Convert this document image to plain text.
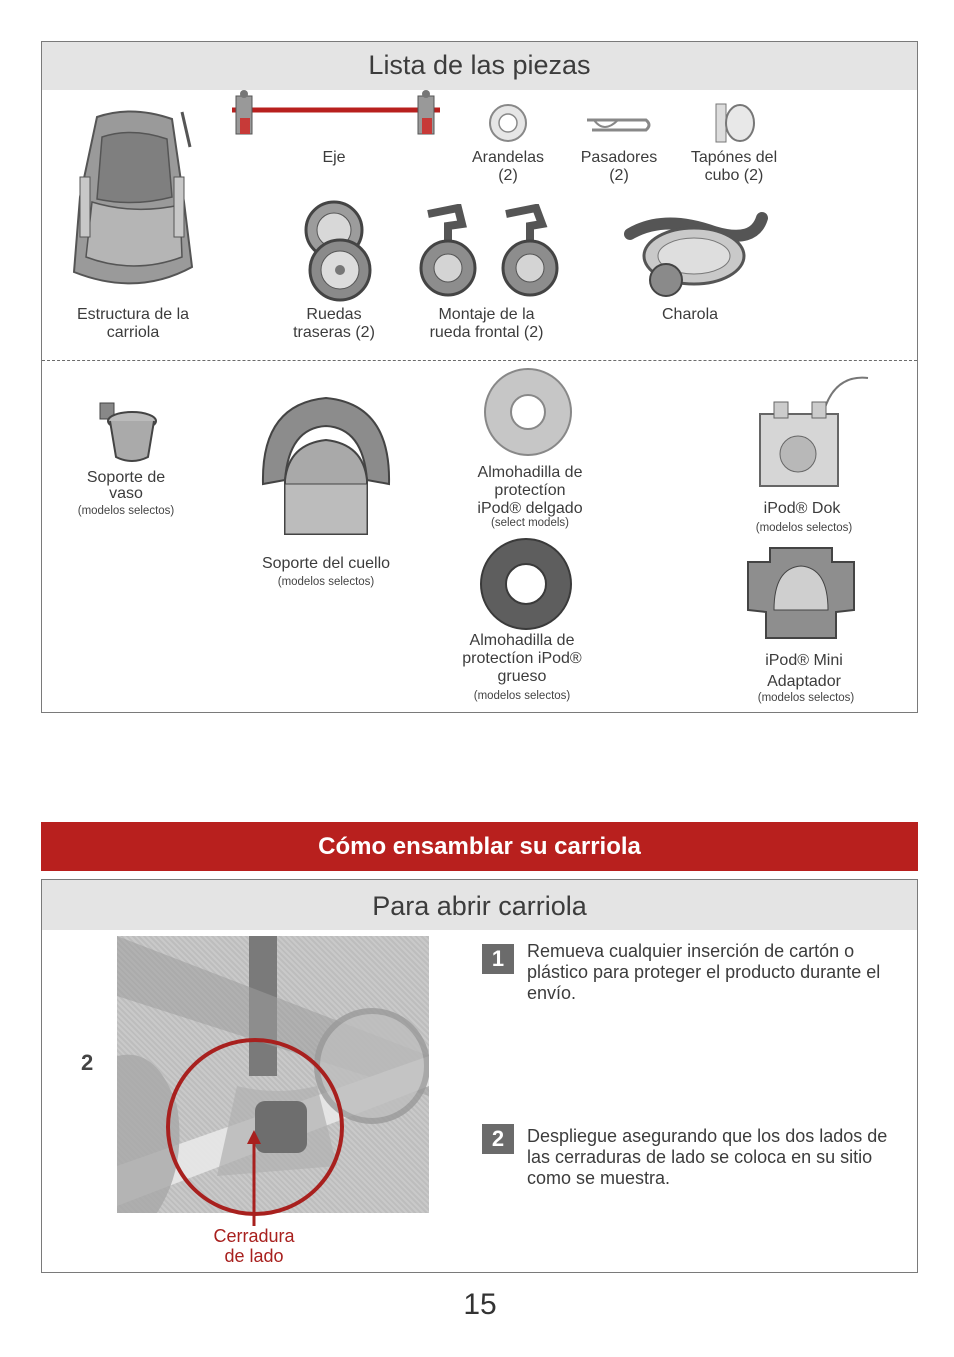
Lista de las piezas
Estructura de la
carriola
Eje	Arandelas
(2)
Pasadores
(2)
Tapónes del
cubo (2)
Ruedas
traseras (2)
Montaje de la
rueda frontal (2)
Charola
Soporte de
vaso
(modelos selectos)
Soporte del cuello
(modelos selectos)
Almohadilla de
protectíon
iPod® delgado
(select models)
Almohadilla de
protectíon iPod®
grueso
(modelos selectos)
iPod® Dok
(modelos selectos)
iPod® Mini
Adaptador
(modelos selectos)
Cómo ensamblar su carriola
Para abrir carriola
2
Cerradura
de lado
1	Remueva cualquier inserción de cartón o plástico para proteger el producto durante el envío.
2	Despliegue asegurando que los dos lados de las cerraduras de lado se coloca en su sitio como se muestra.
15
